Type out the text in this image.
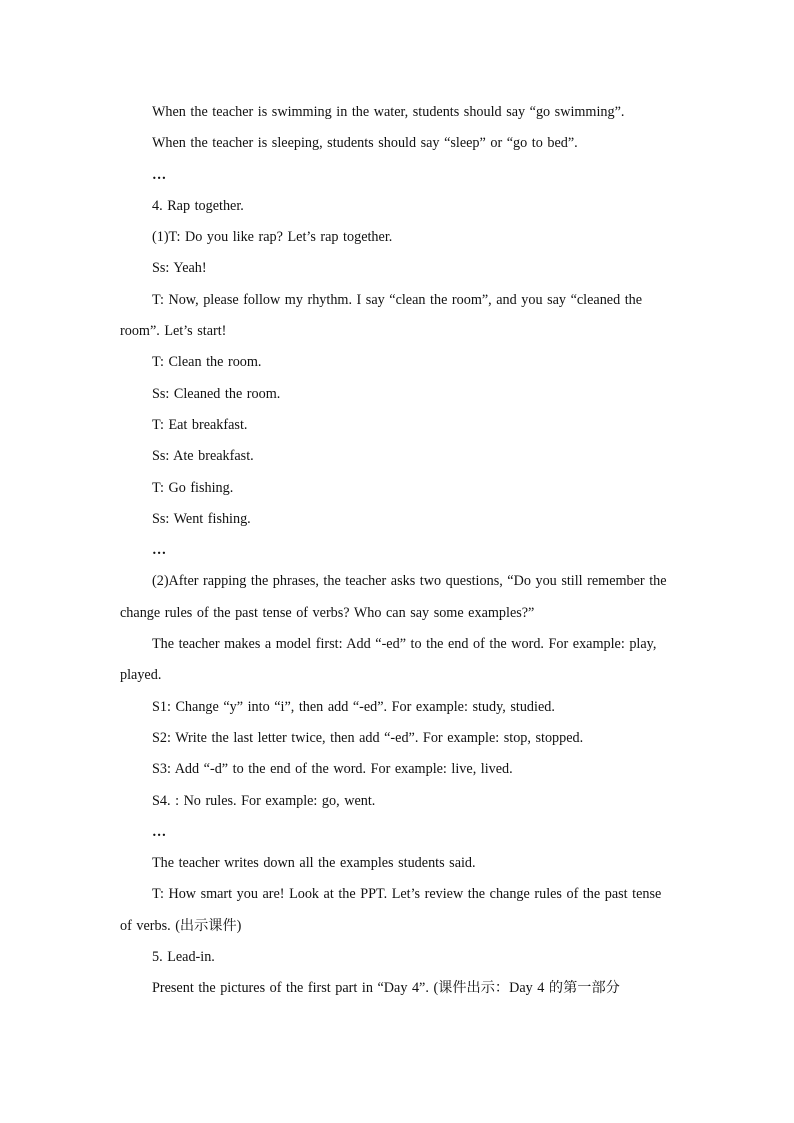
When the teacher is swimming in the water, students should say “go swimming”.

When the teacher is sleeping, students should say “sleep” or “go to bed”.

…

4. Rap together.

(1)T: Do you like rap? Let’s rap together.

Ss: Yeah!

T: Now, please follow my rhythm. I say “clean the room”, and you say “cleaned the room”. Let’s start!

T: Clean the room.

Ss: Cleaned the room.

T: Eat breakfast.

Ss: Ate breakfast.

T: Go fishing.

Ss: Went fishing.

…

(2)After rapping the phrases, the teacher asks two questions, “Do you still remember the change rules of the past tense of verbs? Who can say some examples?”

The teacher makes a model first: Add “-ed” to the end of the word. For example: play, played.

S1: Change “y” into “i”, then add “-ed”. For example: study, studied.

S2: Write the last letter twice, then add “-ed”. For example: stop, stopped.

S3: Add “-d” to the end of the word. For example: live, lived.

S4. : No rules. For example: go, went.

…

The teacher writes down all the examples students said.

T: How smart you are! Look at the PPT. Let’s review the change rules of the past tense of verbs. (出示课件)

5. Lead-in.

Present the pictures of the first part in “Day 4”. (课件出示：Day 4 的第一部分
